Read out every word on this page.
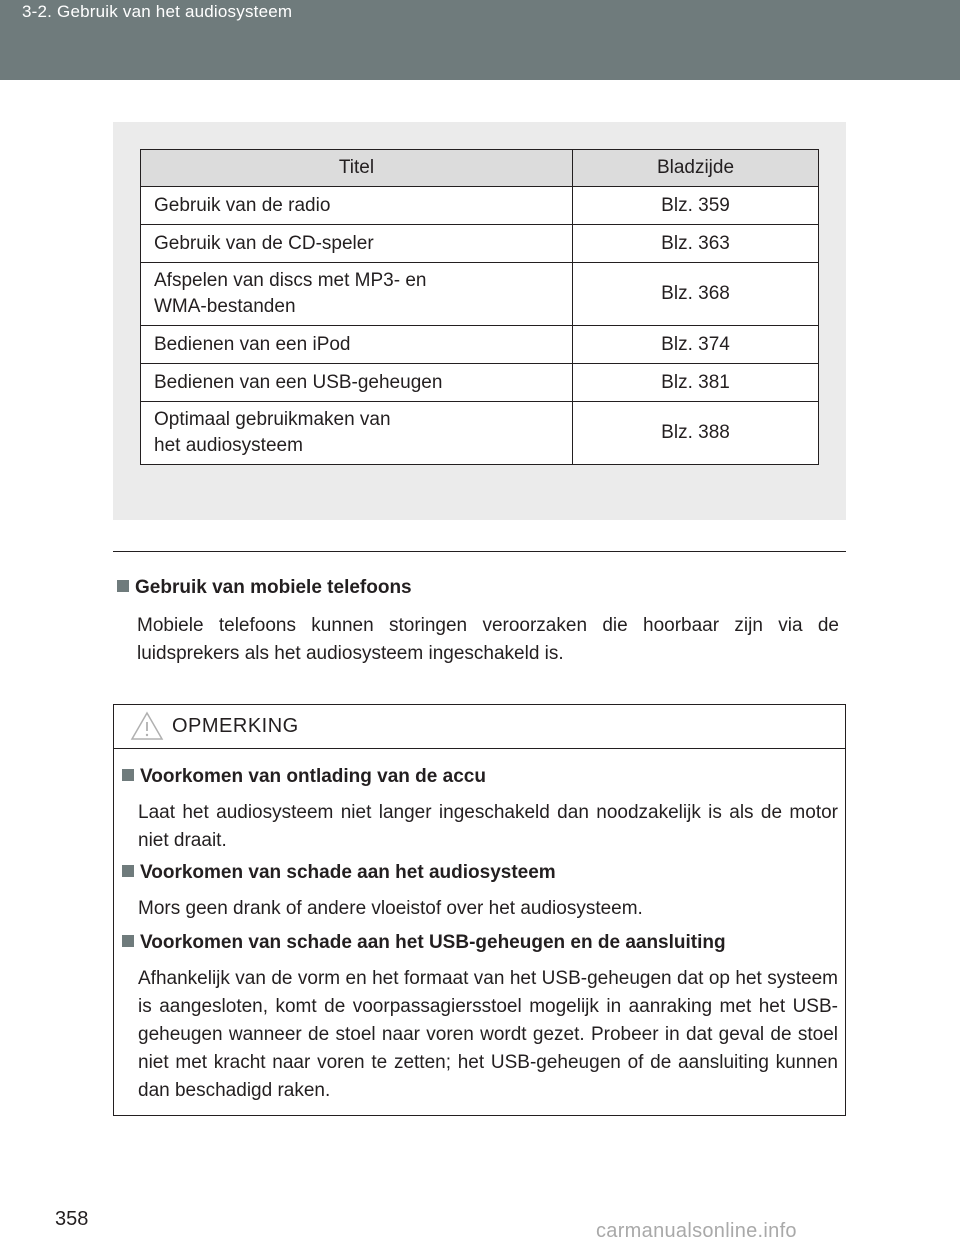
3-2. Gebruik van het audiosysteem
Titel	Bladzijde
Gebruik van de radio	Blz. 359
Gebruik van de CD-speler	Blz. 363
Afspelen van discs met MP3- en
WMA-bestanden	Blz. 368
Bedienen van een iPod	Blz. 374
Bedienen van een USB-geheugen	Blz. 381
Optimaal gebruikmaken van
het audiosysteem	Blz. 388
Gebruik van mobiele telefoons
Mobiele telefoons kunnen storingen veroorzaken die hoorbaar zijn via de luidsprekers als het audiosysteem ingeschakeld is.
OPMERKING
Voorkomen van ontlading van de accu
Laat het audiosysteem niet langer ingeschakeld dan noodzakelijk is als de motor niet draait.
Voorkomen van schade aan het audiosysteem
Mors geen drank of andere vloeistof over het audiosysteem.
Voorkomen van schade aan het USB-geheugen en de aansluiting
Afhankelijk van de vorm en het formaat van het USB-geheugen dat op het systeem is aangesloten, komt de voorpassagiersstoel mogelijk in aanraking met het USB-geheugen wanneer de stoel naar voren wordt gezet. Probeer in dat geval de stoel niet met kracht naar voren te zetten; het USB-geheugen of de aansluiting kunnen dan beschadigd raken.
358
carmanualsonline.info
